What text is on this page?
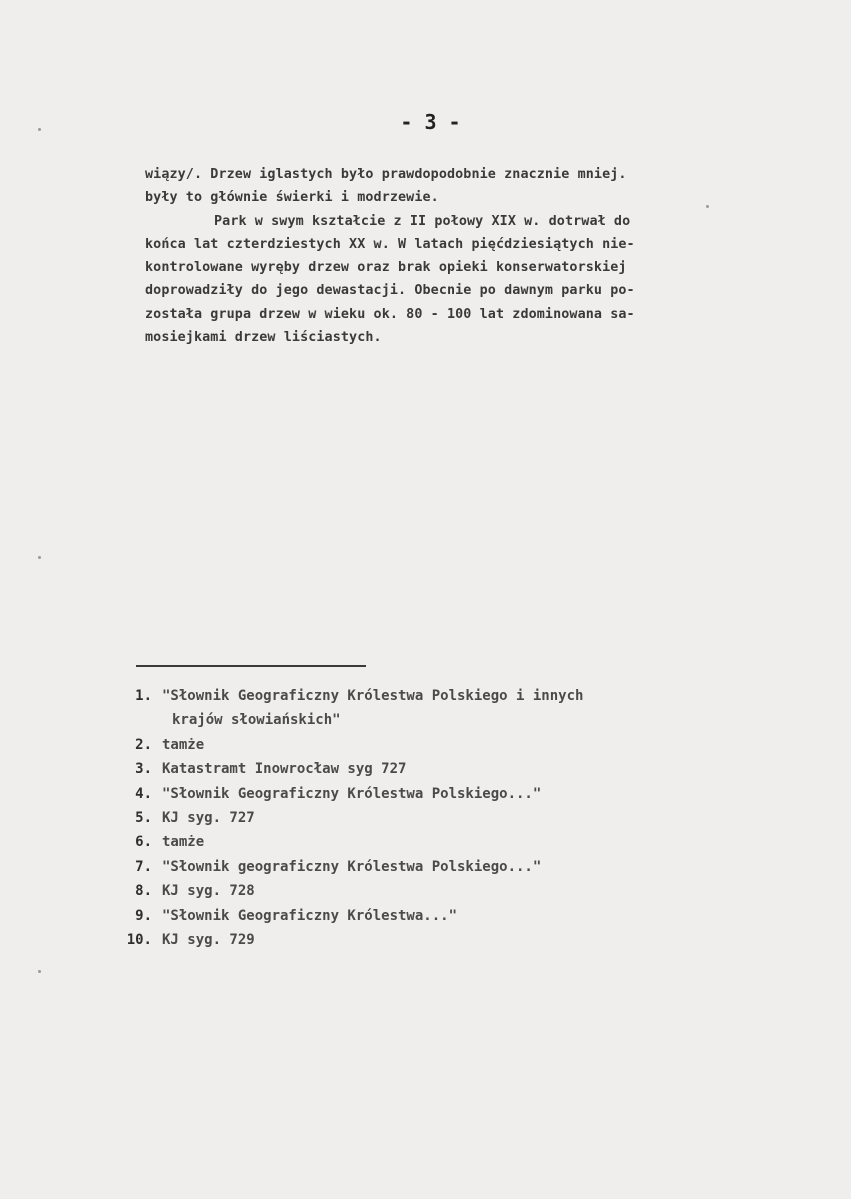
- 3 -
wiązy/. Drzew iglastych było prawdopodobnie znacznie mniej.
były to głównie świerki i modrzewie.
Park w swym kształcie z II połowy XIX w. dotrwał do
końca lat czterdziestych XX w. W latach pięćdziesiątych nie-
kontrolowane wyręby drzew oraz brak opieki konserwatorskiej
doprowadziły do jego dewastacji. Obecnie po dawnym parku po-
została grupa drzew w wieku ok. 80 - 100 lat zdominowana sa-
mosiejkami drzew liściastych.
1. "Słownik Geograficzny Królestwa Polskiego i innych
krajów słowiańskich"
2. tamże
3. Katastramt Inowrocław syg 727
4. "Słownik Geograficzny Królestwa Polskiego..."
5. KJ syg. 727
6. tamże
7. "Słownik geograficzny Królestwa Polskiego..."
8. KJ syg. 728
9. "Słownik Geograficzny Królestwa..."
10. KJ syg. 729
